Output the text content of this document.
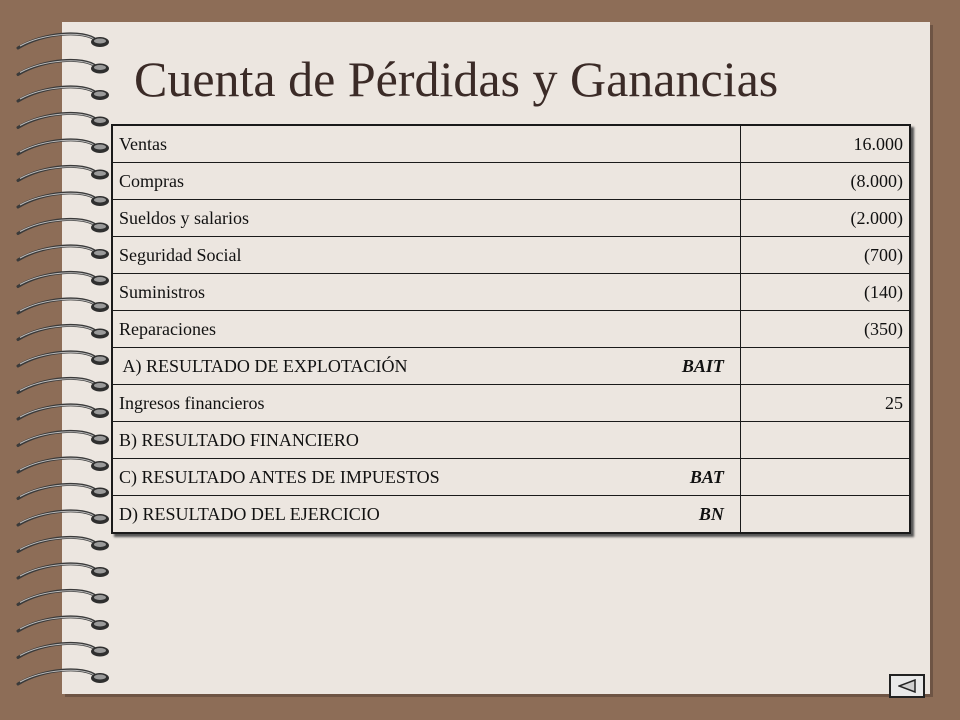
Cuenta de Pérdidas y Ganancias
Ventas	16.000

Compras	(8.000)

Sueldos y salarios	(2.000)

Seguridad Social	(700)

Suministros	(140)

Reparaciones	(350)

A) RESULTADO DE EXPLOTACIÓN BAIT	

Ingresos financieros	25

B) RESULTADO FINANCIERO	

C) RESULTADO ANTES DE IMPUESTOS BAT	

D) RESULTADO DEL EJERCICIO BN	
